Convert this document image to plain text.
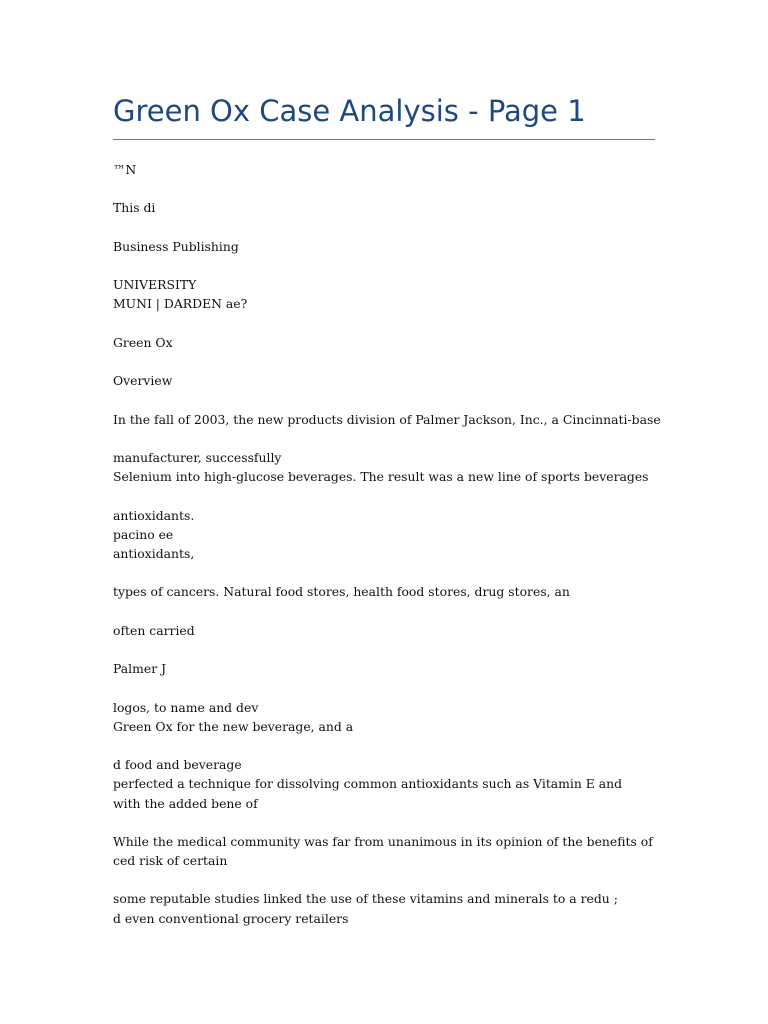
Green Ox Case Analysis - Page 1
™N
This di
Business Publishing
UNIVERSITY
MUNI | DARDEN ae?
Green Ox
Overview
In the fall of 2003, the new products division of Palmer Jackson, Inc., a Cincinnati-base
manufacturer, successfully
Selenium into high-glucose beverages. The result was a new line of sports beverages
antioxidants.
pacino ee
antioxidants,
types of cancers. Natural food stores, health food stores, drug stores, an
often carried
Palmer J
logos, to name and dev
Green Ox for the new beverage, and a
d food and beverage
perfected a technique for dissolving common antioxidants such as Vitamin E and
with the added bene of
While the medical community was far from unanimous in its opinion of the benefits of
ced risk of certain
some reputable studies linked the use of these vitamins and minerals to a redu ;
d even conventional grocery retailers
